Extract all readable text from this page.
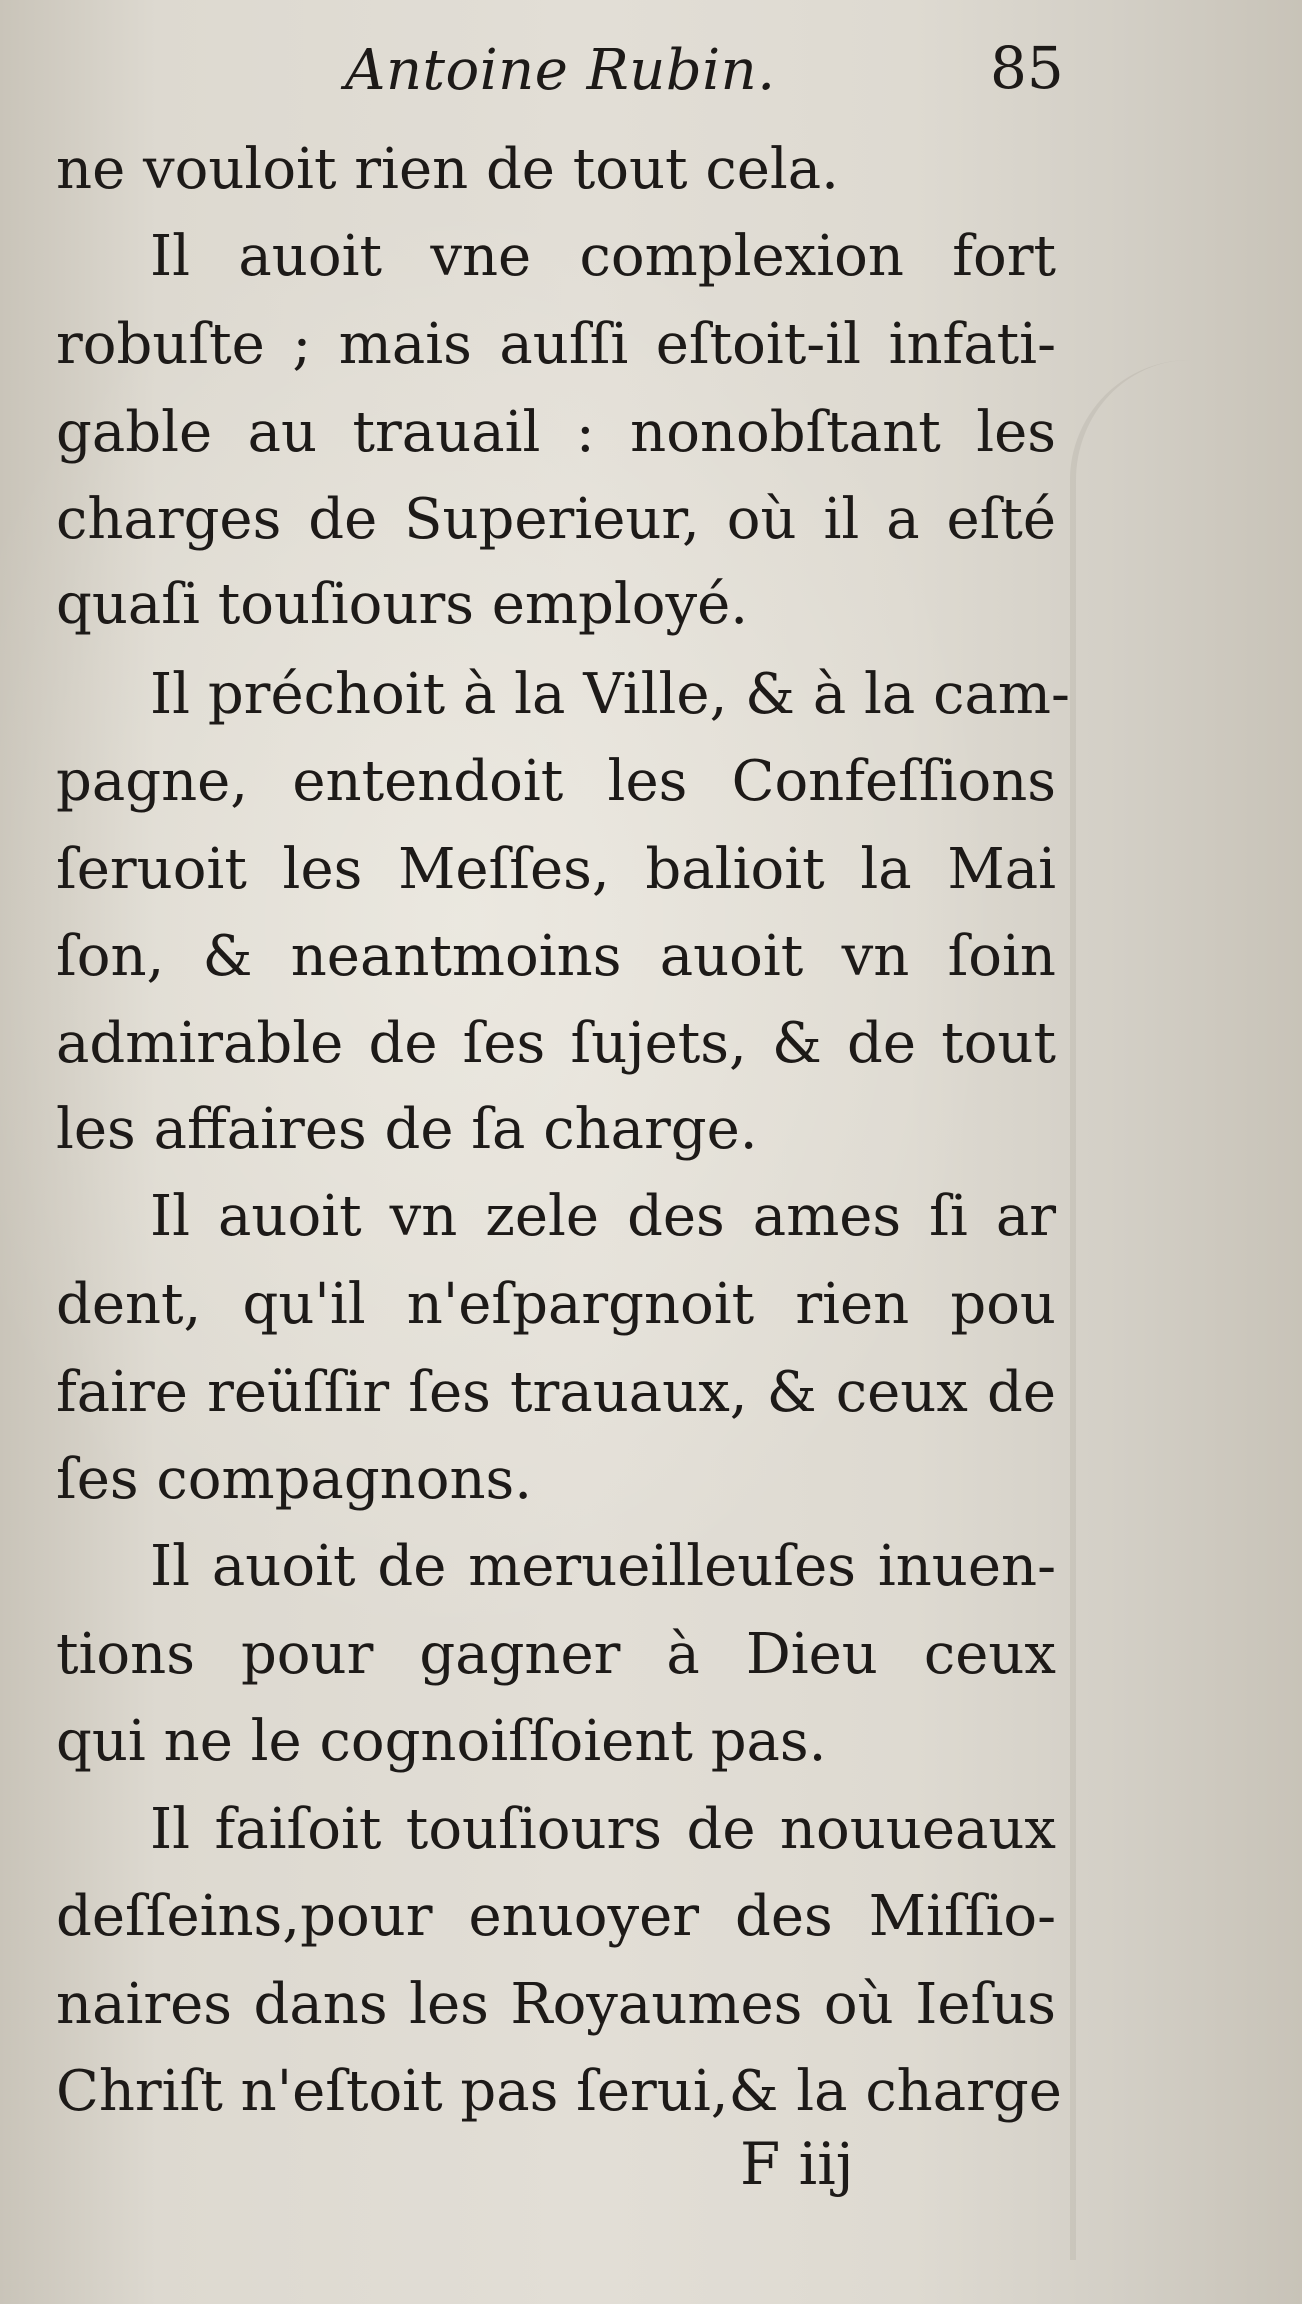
Antoine Rubin.	85
ne vouloit rien de tout cela.
Il auoit vne complexion fort
robuſte ; mais auſſi eſtoit-il infati-
gable au trauail : nonobſtant les
charges de Superieur, où il a eſté
quaſi touſiours employé.
Il préchoit à la Ville, & à la cam-
pagne, entendoit les Confeſſions
ſeruoit les Meſſes, balioit la Mai
ſon, & neantmoins auoit vn ſoin
admirable de ſes ſujets, & de tout
les affaires de ſa charge.
Il auoit vn zele des ames ſi ar
dent, qu'il n'eſpargnoit rien pou
faire reüſſir ſes trauaux, & ceux de
ſes compagnons.
Il auoit de merueilleuſes inuen-
tions pour gagner à Dieu ceux
qui ne le cognoiſſoient pas.
Il faiſoit touſiours de nouueaux
deſſeins,pour enuoyer des Miſſio-
naires dans les Royaumes où Ieſus
Chriſt n'eſtoit pas ſerui,& la charge
F iij
